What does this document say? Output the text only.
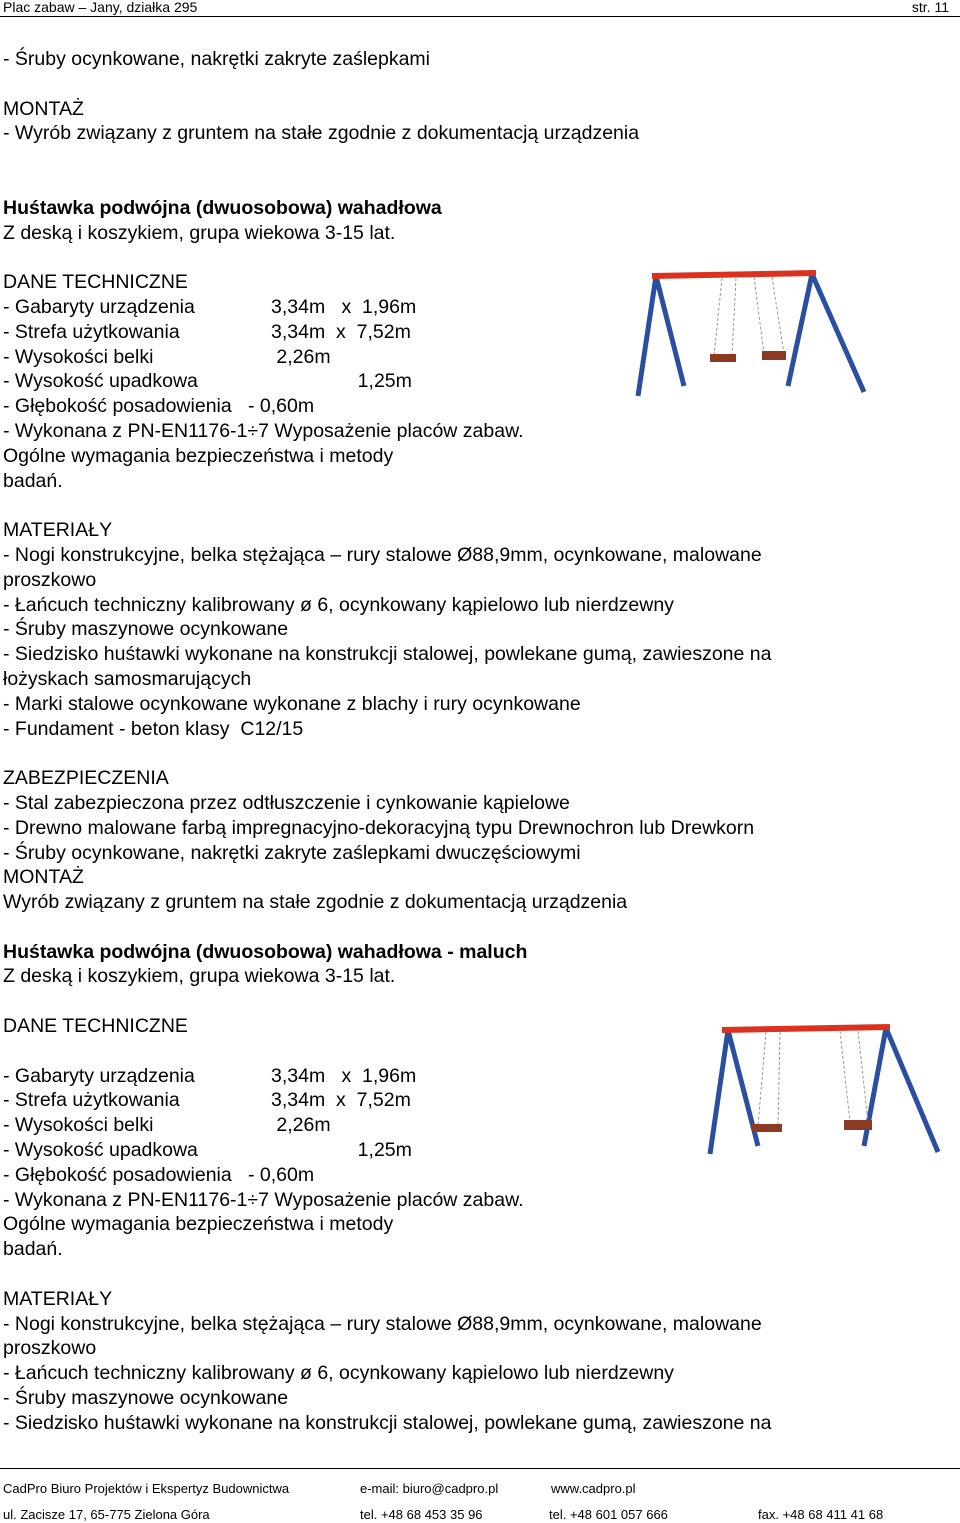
Plac zabaw – Jany, działka 295	str. 11

- Śruby ocynkowane, nakrętki zakryte zaślepkami

MONTAŻ

- Wyrób związany z gruntem na stałe zgodnie z dokumentacją urządzenia

Huśtawka podwójna (dwuosobowa) wahadłowa

Z deską i koszykiem, grupa wiekowa 3-15 lat.

DANE TECHNICZNE

- Gabaryty urządzenia	3,34m   x  1,96m
- Strefa użytkowania	3,34m  x  7,52m
- Wysokości belki	2,26m
- Wysokość upadkowa	1,25m

- Głębokość posadowienia   - 0,60m

- Wykonana z PN-EN1176-1÷7 Wyposażenie placów zabaw.

Ogólne wymagania bezpieczeństwa i metody

badań.

MATERIAŁY

- Nogi konstrukcyjne, belka stężająca – rury stalowe Ø88,9mm, ocynkowane, malowane

proszkowo

- Łańcuch techniczny kalibrowany ø 6, ocynkowany kąpielowo lub nierdzewny

- Śruby maszynowe ocynkowane

- Siedzisko huśtawki wykonane na konstrukcji stalowej, powlekane gumą, zawieszone na

łożyskach samosmarujących

- Marki stalowe ocynkowane wykonane z blachy i rury ocynkowane

- Fundament - beton klasy  C12/15

ZABEZPIECZENIA

- Stal zabezpieczona przez odtłuszczenie i cynkowanie kąpielowe

- Drewno malowane farbą impregnacyjno-dekoracyjną typu Drewnochron lub Drewkorn

- Śruby ocynkowane, nakrętki zakryte zaślepkami dwuczęściowymi

MONTAŻ

Wyrób związany z gruntem na stałe zgodnie z dokumentacją urządzenia

Huśtawka podwójna (dwuosobowa) wahadłowa - maluch

Z deską i koszykiem, grupa wiekowa 3-15 lat.

DANE TECHNICZNE

- Gabaryty urządzenia	3,34m   x  1,96m
- Strefa użytkowania	3,34m  x  7,52m
- Wysokości belki	2,26m
- Wysokość upadkowa	1,25m

- Głębokość posadowienia   - 0,60m

- Wykonana z PN-EN1176-1÷7 Wyposażenie placów zabaw.

Ogólne wymagania bezpieczeństwa i metody

badań.

MATERIAŁY

- Nogi konstrukcyjne, belka stężająca – rury stalowe Ø88,9mm, ocynkowane, malowane

proszkowo

- Łańcuch techniczny kalibrowany ø 6, ocynkowany kąpielowo lub nierdzewny

- Śruby maszynowe ocynkowane

- Siedzisko huśtawki wykonane na konstrukcji stalowej, powlekane gumą, zawieszone na

CadPro Biuro Projektów i Ekspertyz Budownictwa	e-mail: biuro@cadpro.pl	www.cadpro.pl
ul. Zacisze 17, 65-775 Zielona Góra	tel. +48 68 453 35 96	tel. +48 601 057 666	fax. +48 68 411 41 68
